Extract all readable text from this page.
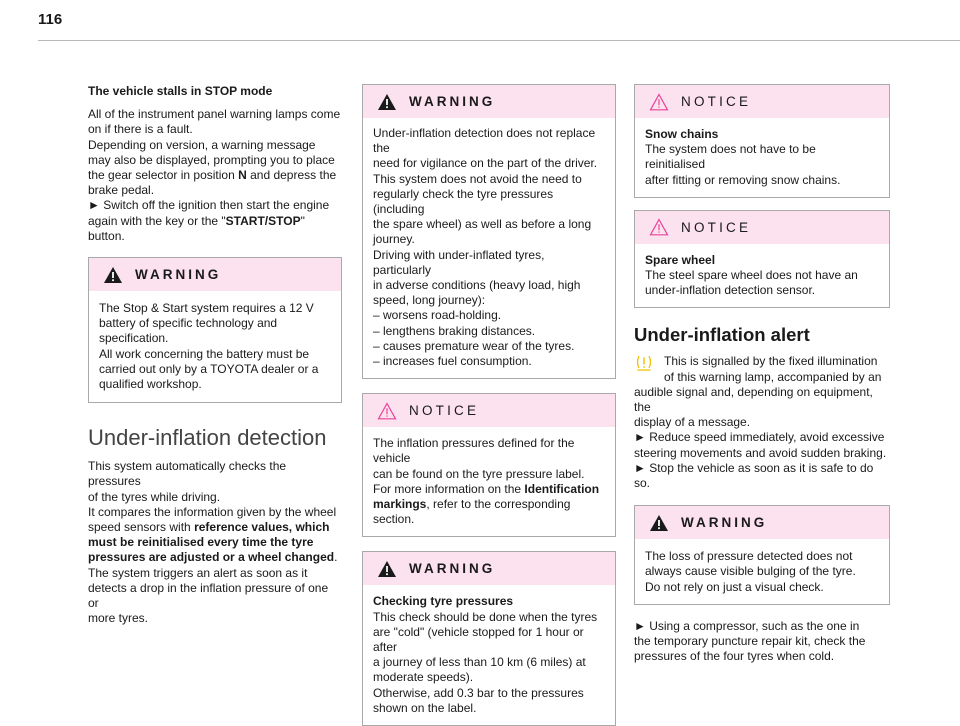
116
The vehicle stalls in STOP mode
All of the instrument panel warning lamps come
on if there is a fault.
Depending on version, a warning message
may also be displayed, prompting you to place
the gear selector in position N and depress the
brake pedal.
► Switch off the ignition then start the engine
again with the key or the "START/STOP" button.
WARNING
The Stop & Start system requires a 12 V
battery of specific technology and
specification.
All work concerning the battery must be
carried out only by a TOYOTA dealer or a
qualified workshop.
Under-inflation detection
This system automatically checks the pressures
of the tyres while driving.
It compares the information given by the wheel
speed sensors with reference values, which
must be reinitialised every time the tyre
pressures are adjusted or a wheel changed.
The system triggers an alert as soon as it
detects a drop in the inflation pressure of one or
more tyres.
WARNING
Under-inflation detection does not replace the
need for vigilance on the part of the driver.
This system does not avoid the need to
regularly check the tyre pressures (including
the spare wheel) as well as before a long
journey.
Driving with under-inflated tyres, particularly
in adverse conditions (heavy load, high
speed, long journey):
– worsens road-holding.
– lengthens braking distances.
– causes premature wear of the tyres.
– increases fuel consumption.
NOTICE
The inflation pressures defined for the vehicle
can be found on the tyre pressure label.
For more information on the Identification
markings, refer to the corresponding section.
WARNING
Checking tyre pressures
This check should be done when the tyres
are "cold" (vehicle stopped for 1 hour or after
a journey of less than 10 km (6 miles) at
moderate speeds).
Otherwise, add 0.3 bar to the pressures
shown on the label.
NOTICE
Snow chains
The system does not have to be reinitialised
after fitting or removing snow chains.
NOTICE
Spare wheel
The steel spare wheel does not have an
under-inflation detection sensor.
Under-inflation alert
This is signalled by the fixed illumination
of this warning lamp, accompanied by an
audible signal and, depending on equipment, the
display of a message.
► Reduce speed immediately, avoid excessive
steering movements and avoid sudden braking.
► Stop the vehicle as soon as it is safe to do
so.
WARNING
The loss of pressure detected does not
always cause visible bulging of the tyre.
Do not rely on just a visual check.
► Using a compressor, such as the one in
the temporary puncture repair kit, check the
pressures of the four tyres when cold.
